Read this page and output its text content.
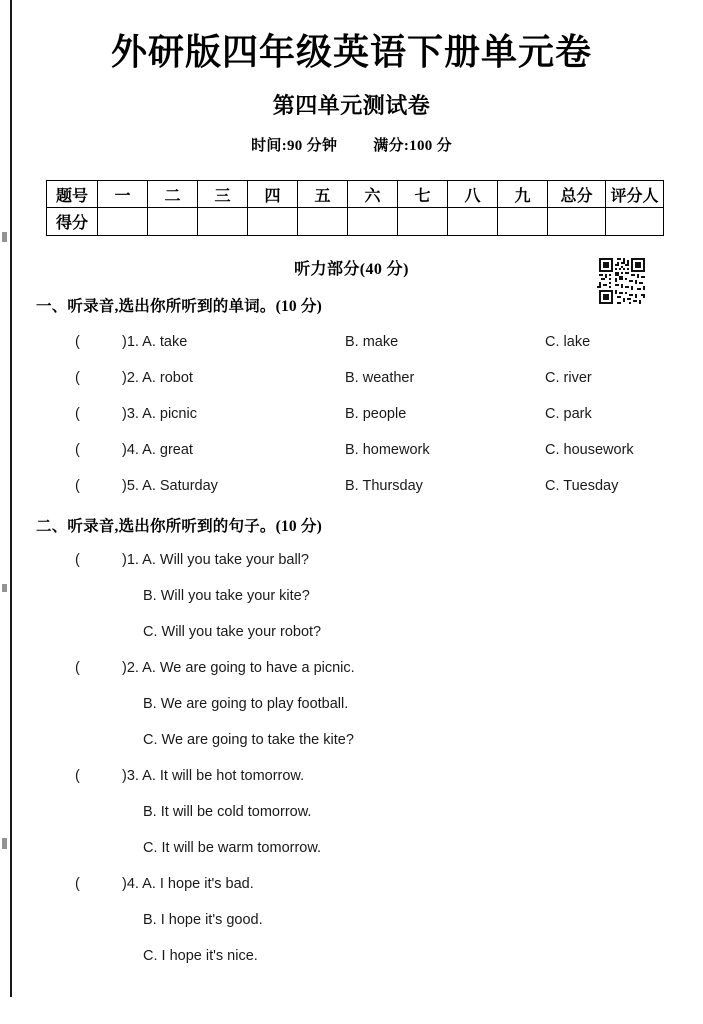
外研版四年级英语下册单元卷
第四单元测试卷
时间:90 分钟 满分:100 分
题号	一	二	三	四	五	六	七	八	九	总分	评分人
得分											
听力部分(40 分)
一、听录音,选出你所听到的单词。(10 分)
(	)1. A. take	B. make	C. lake
(	)2. A. robot	B. weather	C. river
(	)3. A. picnic	B. people	C. park
(	)4. A. great	B. homework	C. housework
(	)5. A. Saturday	B. Thursday	C. Tuesday
二、听录音,选出你所听到的句子。(10 分)
(	)1. A. Will you take your ball?
B. Will you take your kite?
C. Will you take your robot?
(	)2. A. We are going to have a picnic.
B. We are going to play football.
C. We are going to take the kite?
(	)3. A. It will be hot tomorrow.
B. It will be cold tomorrow.
C. It will be warm tomorrow.
(	)4. A. I hope it's bad.
B. I hope it's good.
C. I hope it's nice.
